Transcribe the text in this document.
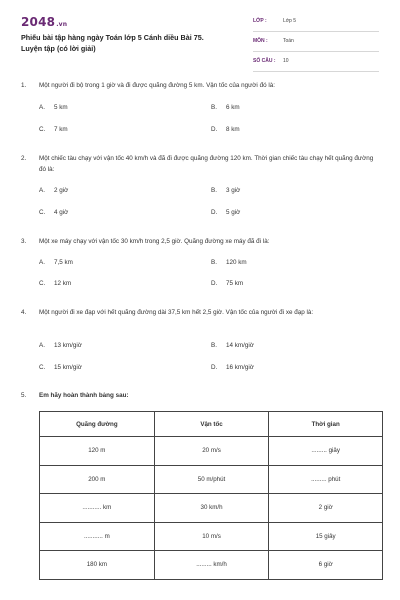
2048.vn
Phiếu bài tập hàng ngày Toán lớp 5 Cánh diều Bài 75.
Luyện tập (có lời giải)
LỚP :	Lớp 5
MÔN :	Toán
SỐ CÂU : 10
1. Một người đi bộ trong 1 giờ và đi được quãng đường 5 km. Vận tốc của người đó là:
A. 5 km	B. 6 km
C. 7 km	D. 8 km
2. Một chiếc tàu chạy với vận tốc 40 km/h và đã đi được quãng đường 120 km. Thời gian chiếc tàu chạy hết quãng đường đó là:
A. 2 giờ	B. 3 giờ
C. 4 giờ	D. 5 giờ
3. Một xe máy chạy với vận tốc 30 km/h trong 2,5 giờ. Quãng đường xe máy đã đi là:
A. 7,5 km	B. 120 km
C. 12 km	D. 75 km
4. Một người đi xe đạp với hết quãng đường dài 37,5 km hết 2,5 giờ. Vận tốc của người đi xe đạp là:
A. 13 km/giờ	B. 14 km/giờ
C. 15 km/giờ	D. 16 km/giờ
5. Em hãy hoàn thành bảng sau:
Quãng đường	Vận tốc	Thời gian
120 m	20 m/s	......... giây
200 m	50 m/phút	......... phút
........... km	30 km/h	2 giờ
........... m	10 m/s	15 giây
180 km	......... km/h	6 giờ
